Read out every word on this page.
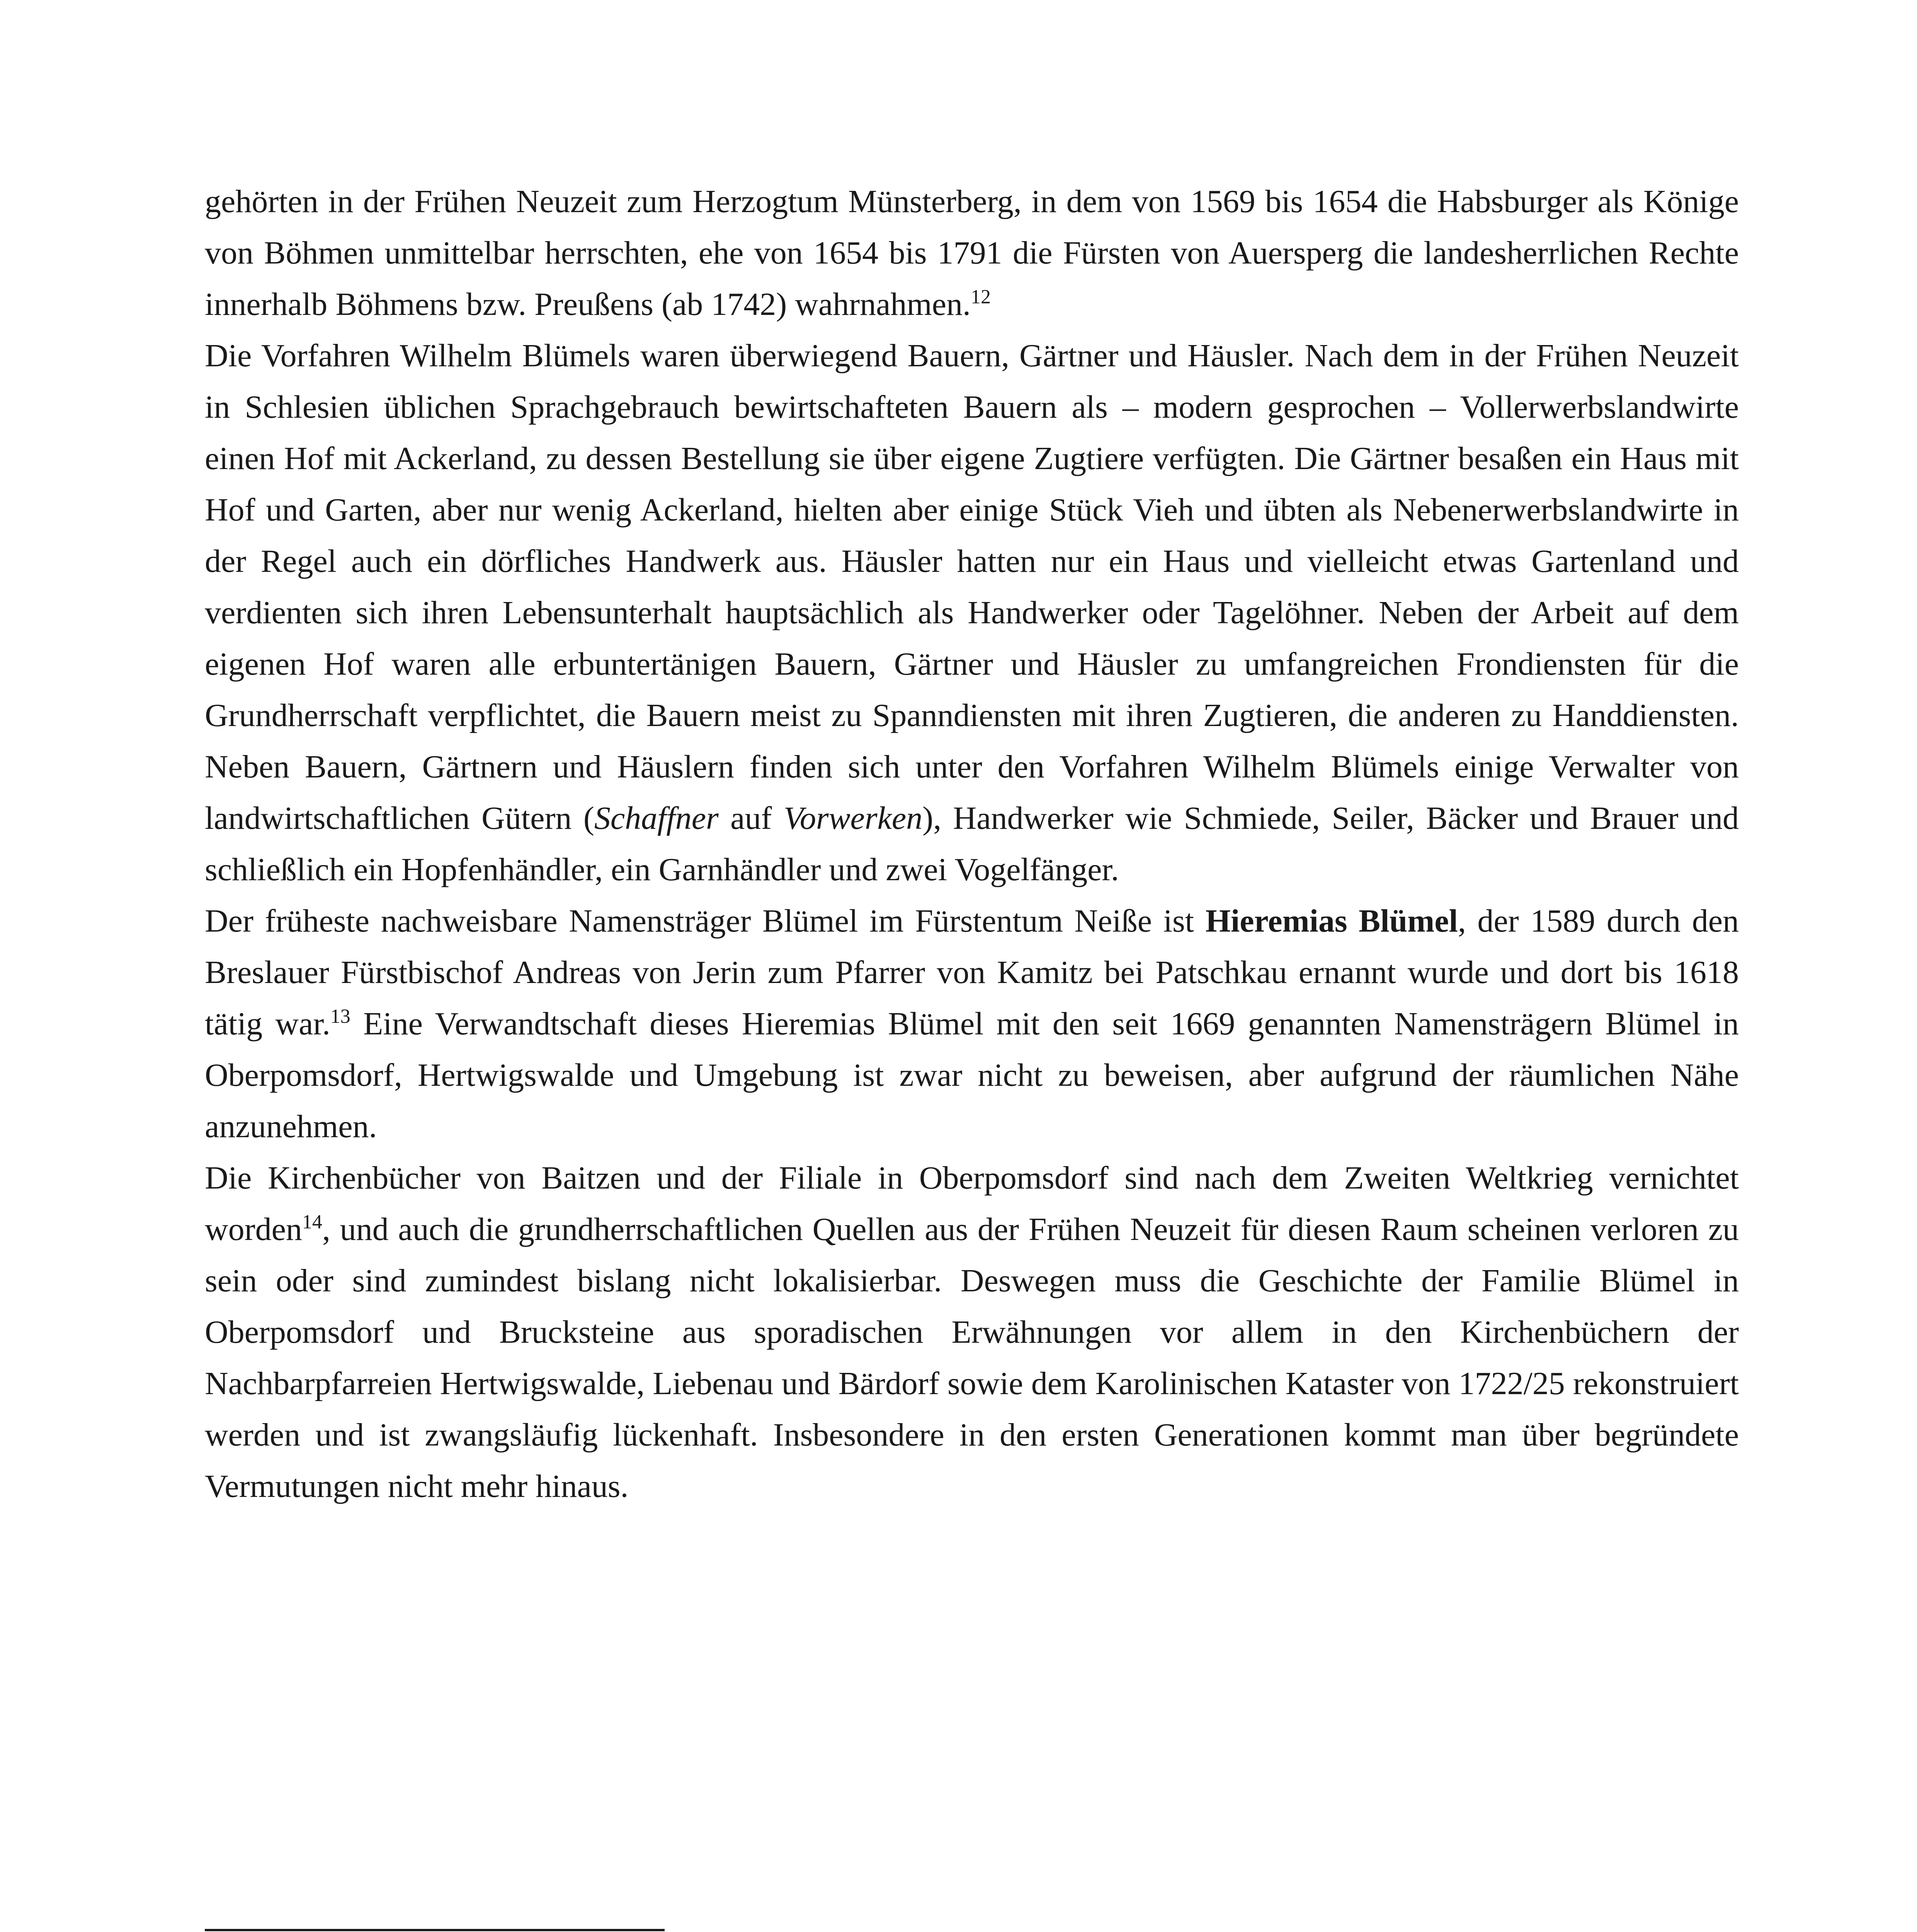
gehörten in der Frühen Neuzeit zum Herzogtum Münsterberg, in dem von 1569 bis 1654 die Habsburger als Könige von Böhmen unmittelbar herrschten, ehe von 1654 bis 1791 die Fürsten von Auersperg die landesherrlichen Rechte innerhalb Böhmens bzw. Preußens (ab 1742) wahrnahmen.$^{12}$

Die Vorfahren Wilhelm Blümels waren überwiegend Bauern, Gärtner und Häusler. Nach dem in der Frühen Neuzeit in Schlesien üblichen Sprachgebrauch bewirtschafteten Bauern als – modern gesprochen – Vollerwerbslandwirte einen Hof mit Ackerland, zu dessen Bestellung sie über eigene Zugtiere verfügten. Die Gärtner besaßen ein Haus mit Hof und Garten, aber nur wenig Ackerland, hielten aber einige Stück Vieh und übten als Nebenerwerbslandwirte in der Regel auch ein dörfliches Handwerk aus. Häusler hatten nur ein Haus und vielleicht etwas Gartenland und verdienten sich ihren Lebensunterhalt hauptsächlich als Handwerker oder Tagelöhner. Neben der Arbeit auf dem eigenen Hof waren alle erbuntertänigen Bauern, Gärtner und Häusler zu umfangreichen Frondiensten für die Grundherrschaft verpflichtet, die Bauern meist zu Spanndiensten mit ihren Zugtieren, die anderen zu Handdiensten. Neben Bauern, Gärtnern und Häuslern finden sich unter den Vorfahren Wilhelm Blümels einige Verwalter von landwirtschaftlichen Gütern (Schaffner auf Vorwerken), Handwerker wie Schmiede, Seiler, Bäcker und Brauer und schließlich ein Hopfenhändler, ein Garnhändler und zwei Vogelfänger.

Der früheste nachweisbare Namensträger Blümel im Fürstentum Neiße ist Hieremias Blümel, der 1589 durch den Breslauer Fürstbischof Andreas von Jerin zum Pfarrer von Kamitz bei Patschkau ernannt wurde und dort bis 1618 tätig war.$^{13}$ Eine Verwandtschaft dieses Hieremias Blümel mit den seit 1669 genannten Namensträgern Blümel in Oberpomsdorf, Hertwigswalde und Umgebung ist zwar nicht zu beweisen, aber aufgrund der räumlichen Nähe anzunehmen.

Die Kirchenbücher von Baitzen und der Filiale in Oberpomsdorf sind nach dem Zweiten Weltkrieg vernichtet worden$^{14}$, und auch die grundherrschaftlichen Quellen aus der Frühen Neuzeit für diesen Raum scheinen verloren zu sein oder sind zumindest bislang nicht lokalisierbar. Deswegen muss die Geschichte der Familie Blümel in Oberpomsdorf und Brucksteine aus sporadischen Erwähnungen vor allem in den Kirchenbüchern der Nachbarpfarreien Hertwigswalde, Liebenau und Bärdorf sowie dem Karolinischen Kataster von 1722/25 rekonstruiert werden und ist zwangsläufig lückenhaft. Insbesondere in den ersten Generationen kommt man über begründete Vermutungen nicht mehr hinaus.
